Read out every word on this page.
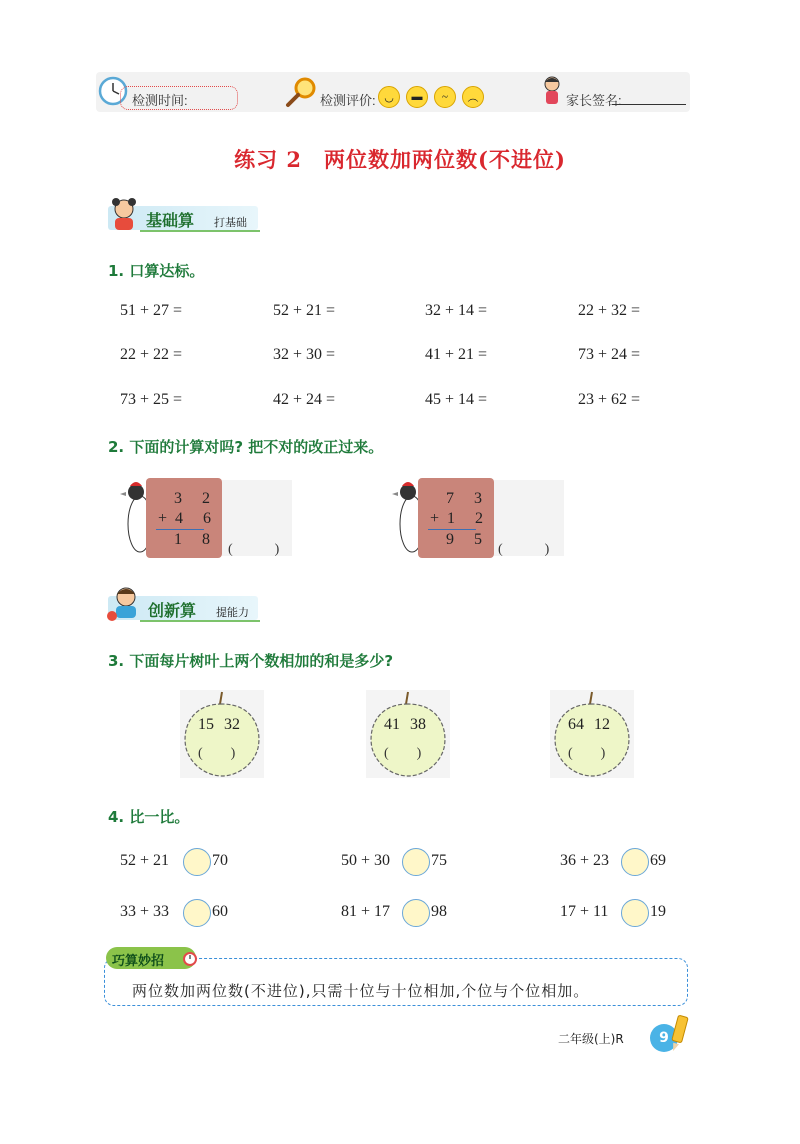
检测时间:	检测评价: ◡	▬	~	︵	家长签名:
练习 2　两位数加两位数(不进位)
基础算 打基础
1. 口算达标。
51 + 27 =	52 + 21 =	32 + 14 =	22 + 32 =
22 + 22 =	32 + 30 =	41 + 21 =	73 + 24 =
73 + 25 =	42 + 24 =	45 + 14 =	23 + 62 =
2. 下面的计算对吗? 把不对的改正过来。
3 2
+4 6
1 8
(　　　)
7 3
+1 2
9 5
(　　　)
创新算 提能力
3. 下面每片树叶上两个数相加的和是多少?
15 32
(　　)
41 38
(　　)
64 12
(　　)
4. 比一比。
52 + 21	70	50 + 30	75	36 + 23	69
33 + 33	60	81 + 17	98	17 + 11	19
巧算妙招
两位数加两位数(不进位),只需十位与十位相加,个位与个位相加。
二年级(上)R	9
